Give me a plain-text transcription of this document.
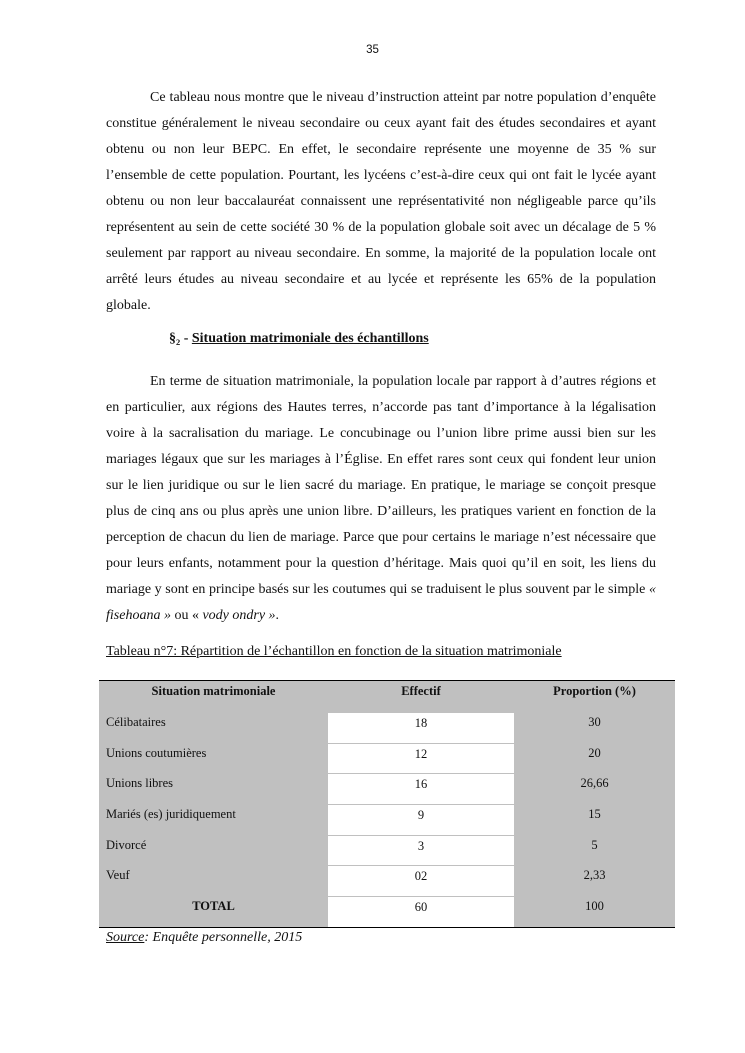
35

Ce tableau nous montre que le niveau d’instruction atteint par notre population d’enquête constitue généralement le niveau secondaire ou ceux ayant fait des études secondaires et ayant obtenu ou non leur BEPC. En effet, le secondaire représente une moyenne de 35 % sur l’ensemble de cette population. Pourtant, les lycéens c’est-à-dire ceux qui ont fait le lycée ayant obtenu ou non leur baccalauréat connaissent une représentativité non négligeable parce qu’ils représentent au sein de cette société 30 % de la population globale soit avec un décalage de 5 % seulement par rapport au niveau secondaire. En somme, la majorité de la population locale ont arrêté leurs études au niveau secondaire et au lycée et représente les 65% de la population globale.

§₂ - Situation matrimoniale des échantillons

En terme de situation matrimoniale, la population locale par rapport à d’autres régions et en particulier, aux régions des Hautes terres, n’accorde pas tant d’importance à la légalisation voire à la sacralisation du mariage. Le concubinage ou l’union libre prime aussi bien sur les mariages légaux que sur les mariages à l’Église. En effet rares sont ceux qui fondent leur union sur le lien juridique ou sur le lien sacré du mariage. En pratique, le mariage se conçoit presque plus de cinq ans ou plus après une union libre. D’ailleurs, les pratiques varient en fonction de la perception de chacun du lien de mariage. Parce que pour certains le mariage n’est nécessaire que pour leurs enfants, notamment pour la question d’héritage. Mais quoi qu’il en soit, les liens du mariage y sont en principe basés sur les coutumes qui se traduisent le plus souvent par le simple « fisehoana » ou « vody ondry ».

Tableau n°7: Répartition de l’échantillon en fonction de la situation matrimoniale
Situation matrimoniale	Effectif	Proportion (%)
Célibataires	18	30
Unions coutumières	12	20
Unions libres	16	26,66
Mariés (es) juridiquement	9	15
Divorcé	3	5
Veuf	02	2,33
TOTAL	60	100
Source: Enquête personnelle, 2015
